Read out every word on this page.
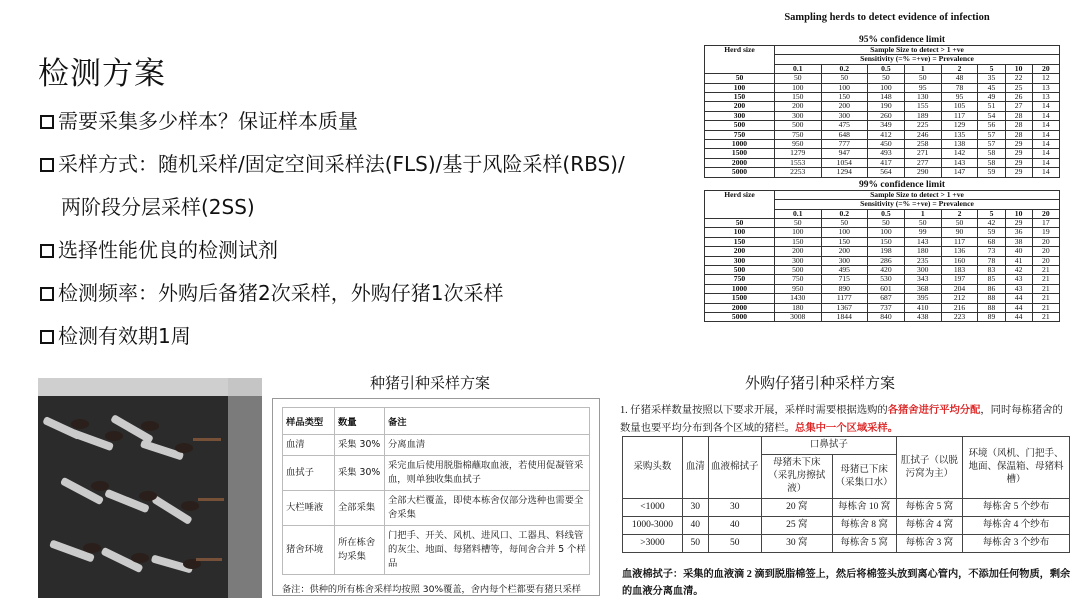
检测方案
需要采集多少样本？保证样本质量
采样方式：随机采样/固定空间采样法(FLS)/基于风险采样(RBS)/
两阶段分层采样(2SS)
选择性能优良的检测试剂
检测频率：外购后备猪2次采样，外购仔猪1次采样
检测有效期1周
Sampling herds to detect evidence of infection
95% confidence limit
Herd size	Sample Size to detect > 1 +ve							
	Sensitivity (=% =+ve) = Prevalence							
	0.1	0.2	0.5	1	2	5	10	20
50	50	50	50	50	48	35	22	12
100	100	100	100	95	78	45	25	13
150	150	150	148	130	95	49	26	13
200	200	200	190	155	105	51	27	14
300	300	300	260	189	117	54	28	14
500	500	475	349	225	129	56	28	14
750	750	648	412	246	135	57	28	14
1000	950	777	450	258	138	57	29	14
1500	1279	947	493	271	142	58	29	14
2000	1553	1054	417	277	143	58	29	14
5000	2253	1294	564	290	147	59	29	14
99% confidence limit
Herd size	Sample Size to detect > 1 +ve							
	Sensitivity (=% =+ve) = Prevalence							
	0.1	0.2	0.5	1	2	5	10	20
50	50	50	50	50	50	42	29	17
100	100	100	100	99	90	59	36	19
150	150	150	150	143	117	68	38	20
200	200	200	198	180	136	73	40	20
300	300	300	286	235	160	78	41	20
500	500	495	420	300	183	83	42	21
750	750	715	530	343	197	85	43	21
1000	950	890	601	368	204	86	43	21
1500	1430	1177	687	395	212	88	44	21
2000	180	1367	737	410	216	88	44	21
5000	3008	1844	840	438	223	89	44	21
种猪引种采样方案
样品类型	数量	备注
血清	采集 30%	分离血清
血拭子	采集 30%	采完血后使用脱脂棉蘸取血液，若使用促凝管采血，则单独收集血拭子
大栏唾液	全部采集	全部大栏覆盖，即使本栋舍仅部分选种也需要全舍采集
猪舍环境	所在栋舍均采集	门把手、开关、风机、进风口、工器具、料线管的灰尘、地面、每猪料槽等，每间舍合并 5 个样品
备注：供种的所有栋舍采样均按照 30%覆盖，舍内每个栏都要有猪只采样
外购仔猪引种采样方案
1. 仔猪采样数量按照以下要求开展，采样时需要根据选购的各猪舍进行平均分配，同时每栋猪舍的数量也要平均分布到各个区域的猪栏。总集中一个区域采样。
采购头数	血清	血液棉拭子	口鼻拭子		肛拭子（以脱污窝为主）	环境（风机、门把手、地面、保温箱、母猪料槽）
			母猪未下床（采乳房擦拭液）	母猪已下床（采集口水）		
<1000	30	30	20 窝	每栋舍 10 窝	每栋舍 5 窝	每栋舍 5 个纱布
1000-3000	40	40	25 窝	每栋舍 8 窝	每栋舍 4 窝	每栋舍 4 个纱布
>3000	50	50	30 窝	每栋舍 5 窝	每栋舍 3 窝	每栋舍 3 个纱布
血液棉拭子：采集的血液滴 2 滴到脱脂棉签上，然后将棉签头放到离心管内，不添加任何物质，剩余的血液分离血清。
